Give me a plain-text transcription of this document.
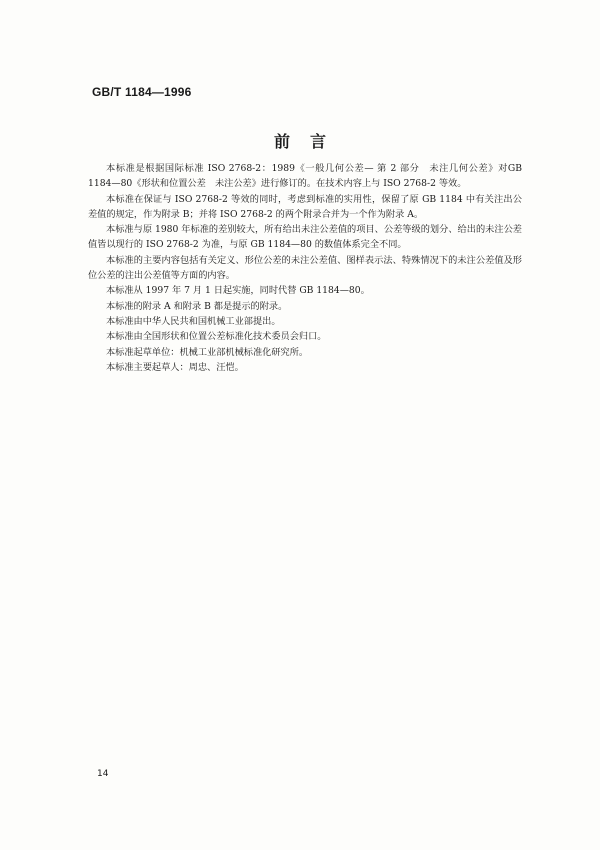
GB/T 1184—1996
前言

本标准是根据国际标准 ISO 2768-2：1989《一般几何公差— 第 2 部分　未注几何公差》对GB 1184—80《形状和位置公差　未注公差》进行修订的。在技术内容上与 ISO 2768-2 等效。

本标准在保证与 ISO 2768-2 等效的同时，考虑到标准的实用性，保留了原 GB 1184 中有关注出公差值的规定，作为附录 B；并将 ISO 2768-2 的两个附录合并为一个作为附录 A。

本标准与原 1980 年标准的差别较大，所有给出未注公差值的项目、公差等级的划分、给出的未注公差值皆以现行的 ISO 2768-2 为准，与原 GB 1184—80 的数值体系完全不同。

本标准的主要内容包括有关定义、形位公差的未注公差值、图样表示法、特殊情况下的未注公差值及形位公差的注出公差值等方面的内容。

本标准从 1997 年 7 月 1 日起实施，同时代替 GB 1184—80。

本标准的附录 A 和附录 B 都是提示的附录。

本标准由中华人民共和国机械工业部提出。

本标准由全国形状和位置公差标准化技术委员会归口。

本标准起草单位：机械工业部机械标准化研究所。

本标准主要起草人：周忠、汪恺。

14
